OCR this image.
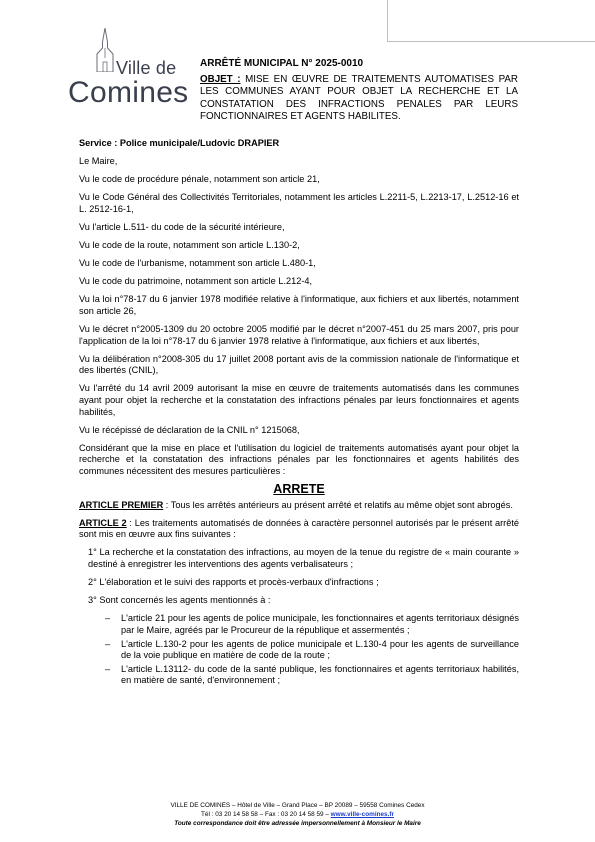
Ville de
Comines
ARRÊTÉ MUNICIPAL N° 2025-0010
OBJET : MISE EN ŒUVRE DE TRAITEMENTS AUTOMATISES PAR LES COMMUNES AYANT POUR OBJET LA RECHERCHE ET LA CONSTATATION DES INFRACTIONS PENALES PAR LEURS FONCTIONNAIRES ET AGENTS HABILITES.

Service : Police municipale/Ludovic DRAPIER

Le Maire,

Vu le code de procédure pénale, notamment son article 21,

Vu le Code Général des Collectivités Territoriales, notamment les articles L.2211-5, L.2213-17, L.2512-16 et L. 2512-16-1,

Vu l'article L.511- du code de la sécurité intérieure,

Vu le code de la route, notamment son article L.130-2,

Vu le code de l'urbanisme, notamment son article L.480-1,

Vu le code du patrimoine, notamment son article L.212-4,

Vu la loi n°78-17 du 6 janvier 1978 modifiée relative à l'informatique, aux fichiers et aux libertés, notamment son article 26,

Vu le décret n°2005-1309 du 20 octobre 2005 modifié par le décret n°2007-451 du 25 mars 2007, pris pour l'application de la loi n°78-17 du 6 janvier 1978 relative à l'informatique, aux fichiers et aux libertés,

Vu la délibération n°2008-305 du 17 juillet 2008 portant avis de la commission nationale de l'informatique et des libertés (CNIL),

Vu l'arrêté du 14 avril 2009 autorisant la mise en œuvre de traitements automatisés dans les communes ayant pour objet la recherche et la constatation des infractions pénales par leurs fonctionnaires et agents habilités,

Vu le récépissé de déclaration de la CNIL n° 1215068,

Considérant que la mise en place et l'utilisation du logiciel de traitements automatisés ayant pour objet la recherche et la constatation des infractions pénales par les fonctionnaires et agents habilités des communes nécessitent des mesures particulières :

ARRETE

ARTICLE PREMIER : Tous les arrêtés antérieurs au présent arrêté et relatifs au même objet sont abrogés.

ARTICLE 2 : Les traitements automatisés de données à caractère personnel autorisés par le présent arrêté sont mis en œuvre aux fins suivantes :

1° La recherche et la constatation des infractions, au moyen de la tenue du registre de « main courante » destiné à enregistrer les interventions des agents verbalisateurs ;

2° L'élaboration et le suivi des rapports et procès-verbaux d'infractions ;

3° Sont concernés les agents mentionnés à :

– L'article 21 pour les agents de police municipale, les fonctionnaires et agents territoriaux désignés par le Maire, agréés par le Procureur de la république et assermentés ;
– L'article L.130-2 pour les agents de police municipale et L.130-4 pour les agents de surveillance de la voie publique en matière de code de la route ;
– L'article L.13112- du code de la santé publique, les fonctionnaires et agents territoriaux habilités, en matière de santé, d'environnement ;
VILLE DE COMINES – Hôtel de Ville – Grand Place – BP 20089 – 59558 Comines Cedex
Tél : 03 20 14 58 58 – Fax : 03 20 14 58 59 – www.ville-comines.fr
Toute correspondance doit être adressée impersonnellement à Monsieur le Maire
